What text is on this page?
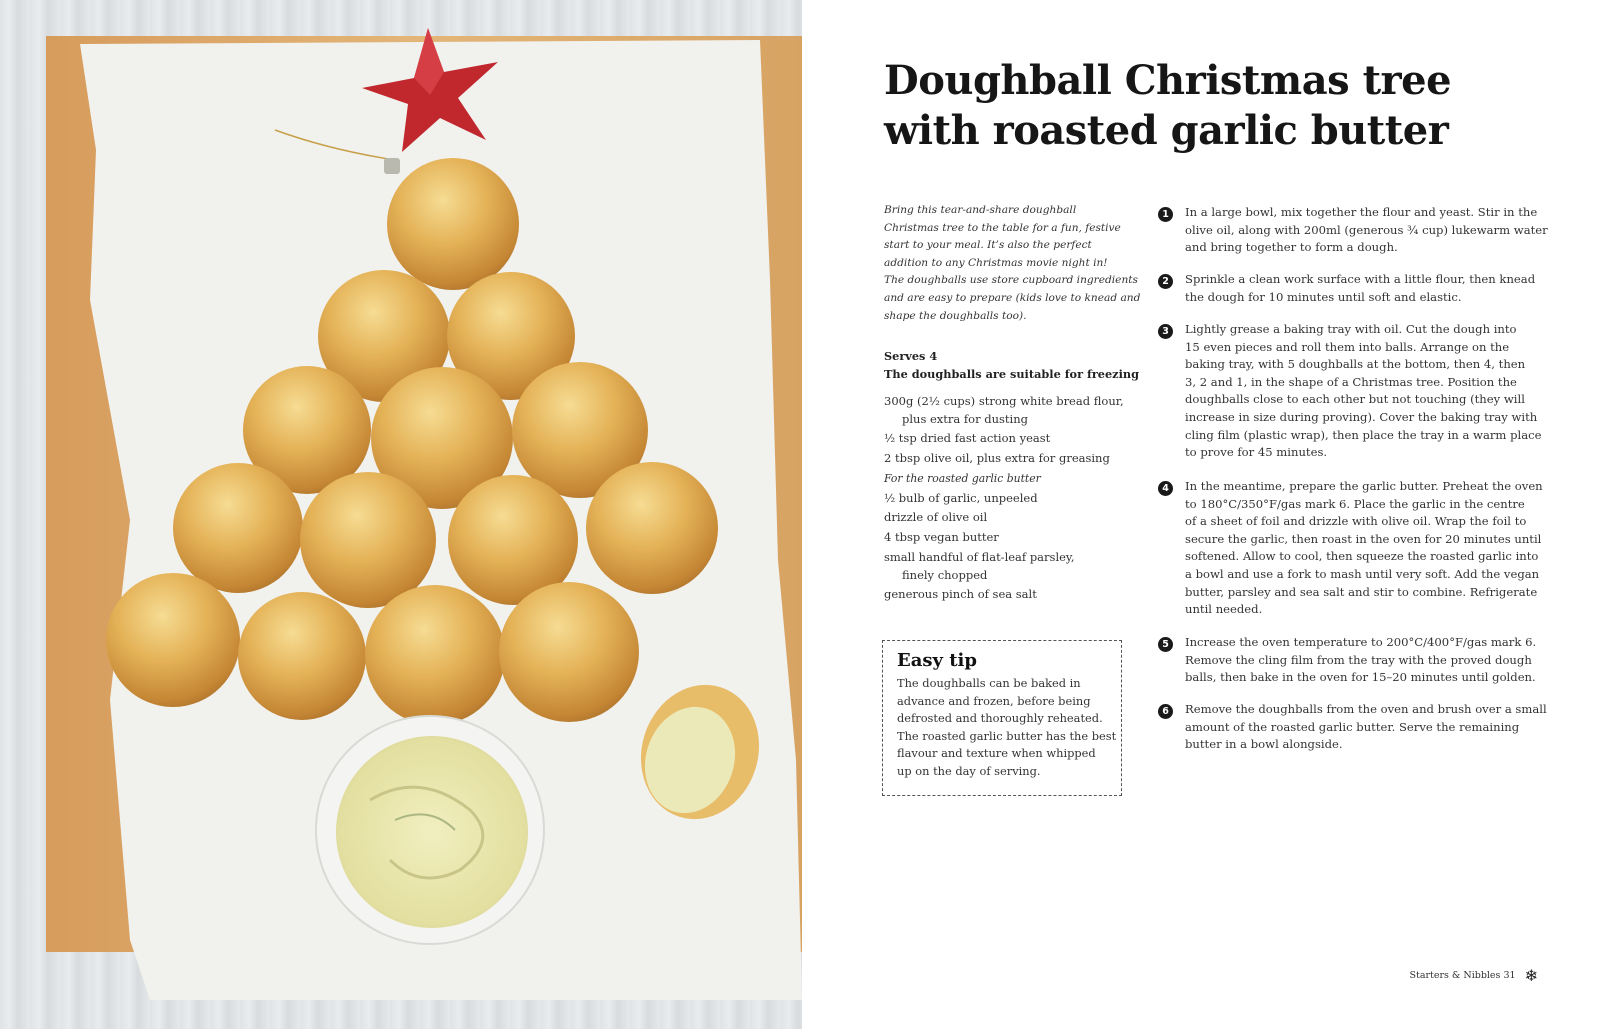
Doughball Christmas tree
with roasted garlic butter
Bring this tear-and-share doughball
Christmas tree to the table for a fun, festive
start to your meal. It’s also the perfect
addition to any Christmas movie night in!
The doughballs use store cupboard ingredients
and are easy to prepare (kids love to knead and
shape the doughballs too).
Serves 4
The doughballs are suitable for freezing
300g (2½ cups) strong white bread flour,
plus extra for dusting
½ tsp dried fast action yeast
2 tbsp olive oil, plus extra for greasing
For the roasted garlic butter
½ bulb of garlic, unpeeled
drizzle of olive oil
4 tbsp vegan butter
small handful of flat-leaf parsley,
finely chopped
generous pinch of sea salt
Easy tip

The doughballs can be baked in
advance and frozen, before being
defrosted and thoroughly reheated.
The roasted garlic butter has the best
flavour and texture when whipped
up on the day of serving.

1	In a large bowl, mix together the flour and yeast. Stir in the
olive oil, along with 200ml (generous ¾ cup) lukewarm water
and bring together to form a dough.
2	Sprinkle a clean work surface with a little flour, then knead
the dough for 10 minutes until soft and elastic.
3	Lightly grease a baking tray with oil. Cut the dough into
15 even pieces and roll them into balls. Arrange on the
baking tray, with 5 doughballs at the bottom, then 4, then
3, 2 and 1, in the shape of a Christmas tree. Position the
doughballs close to each other but not touching (they will
increase in size during proving). Cover the baking tray with
cling film (plastic wrap), then place the tray in a warm place
to prove for 45 minutes.
4	In the meantime, prepare the garlic butter. Preheat the oven
to 180°C/350°F/gas mark 6. Place the garlic in the centre
of a sheet of foil and drizzle with olive oil. Wrap the foil to
secure the garlic, then roast in the oven for 20 minutes until
softened. Allow to cool, then squeeze the roasted garlic into
a bowl and use a fork to mash until very soft. Add the vegan
butter, parsley and sea salt and stir to combine. Refrigerate
until needed.
5	Increase the oven temperature to 200°C/400°F/gas mark 6.
Remove the cling film from the tray with the proved dough
balls, then bake in the oven for 15–20 minutes until golden.
6	Remove the doughballs from the oven and brush over a small
amount of the roasted garlic butter. Serve the remaining
butter in a bowl alongside.
Starters & Nibbles 31 ❄
